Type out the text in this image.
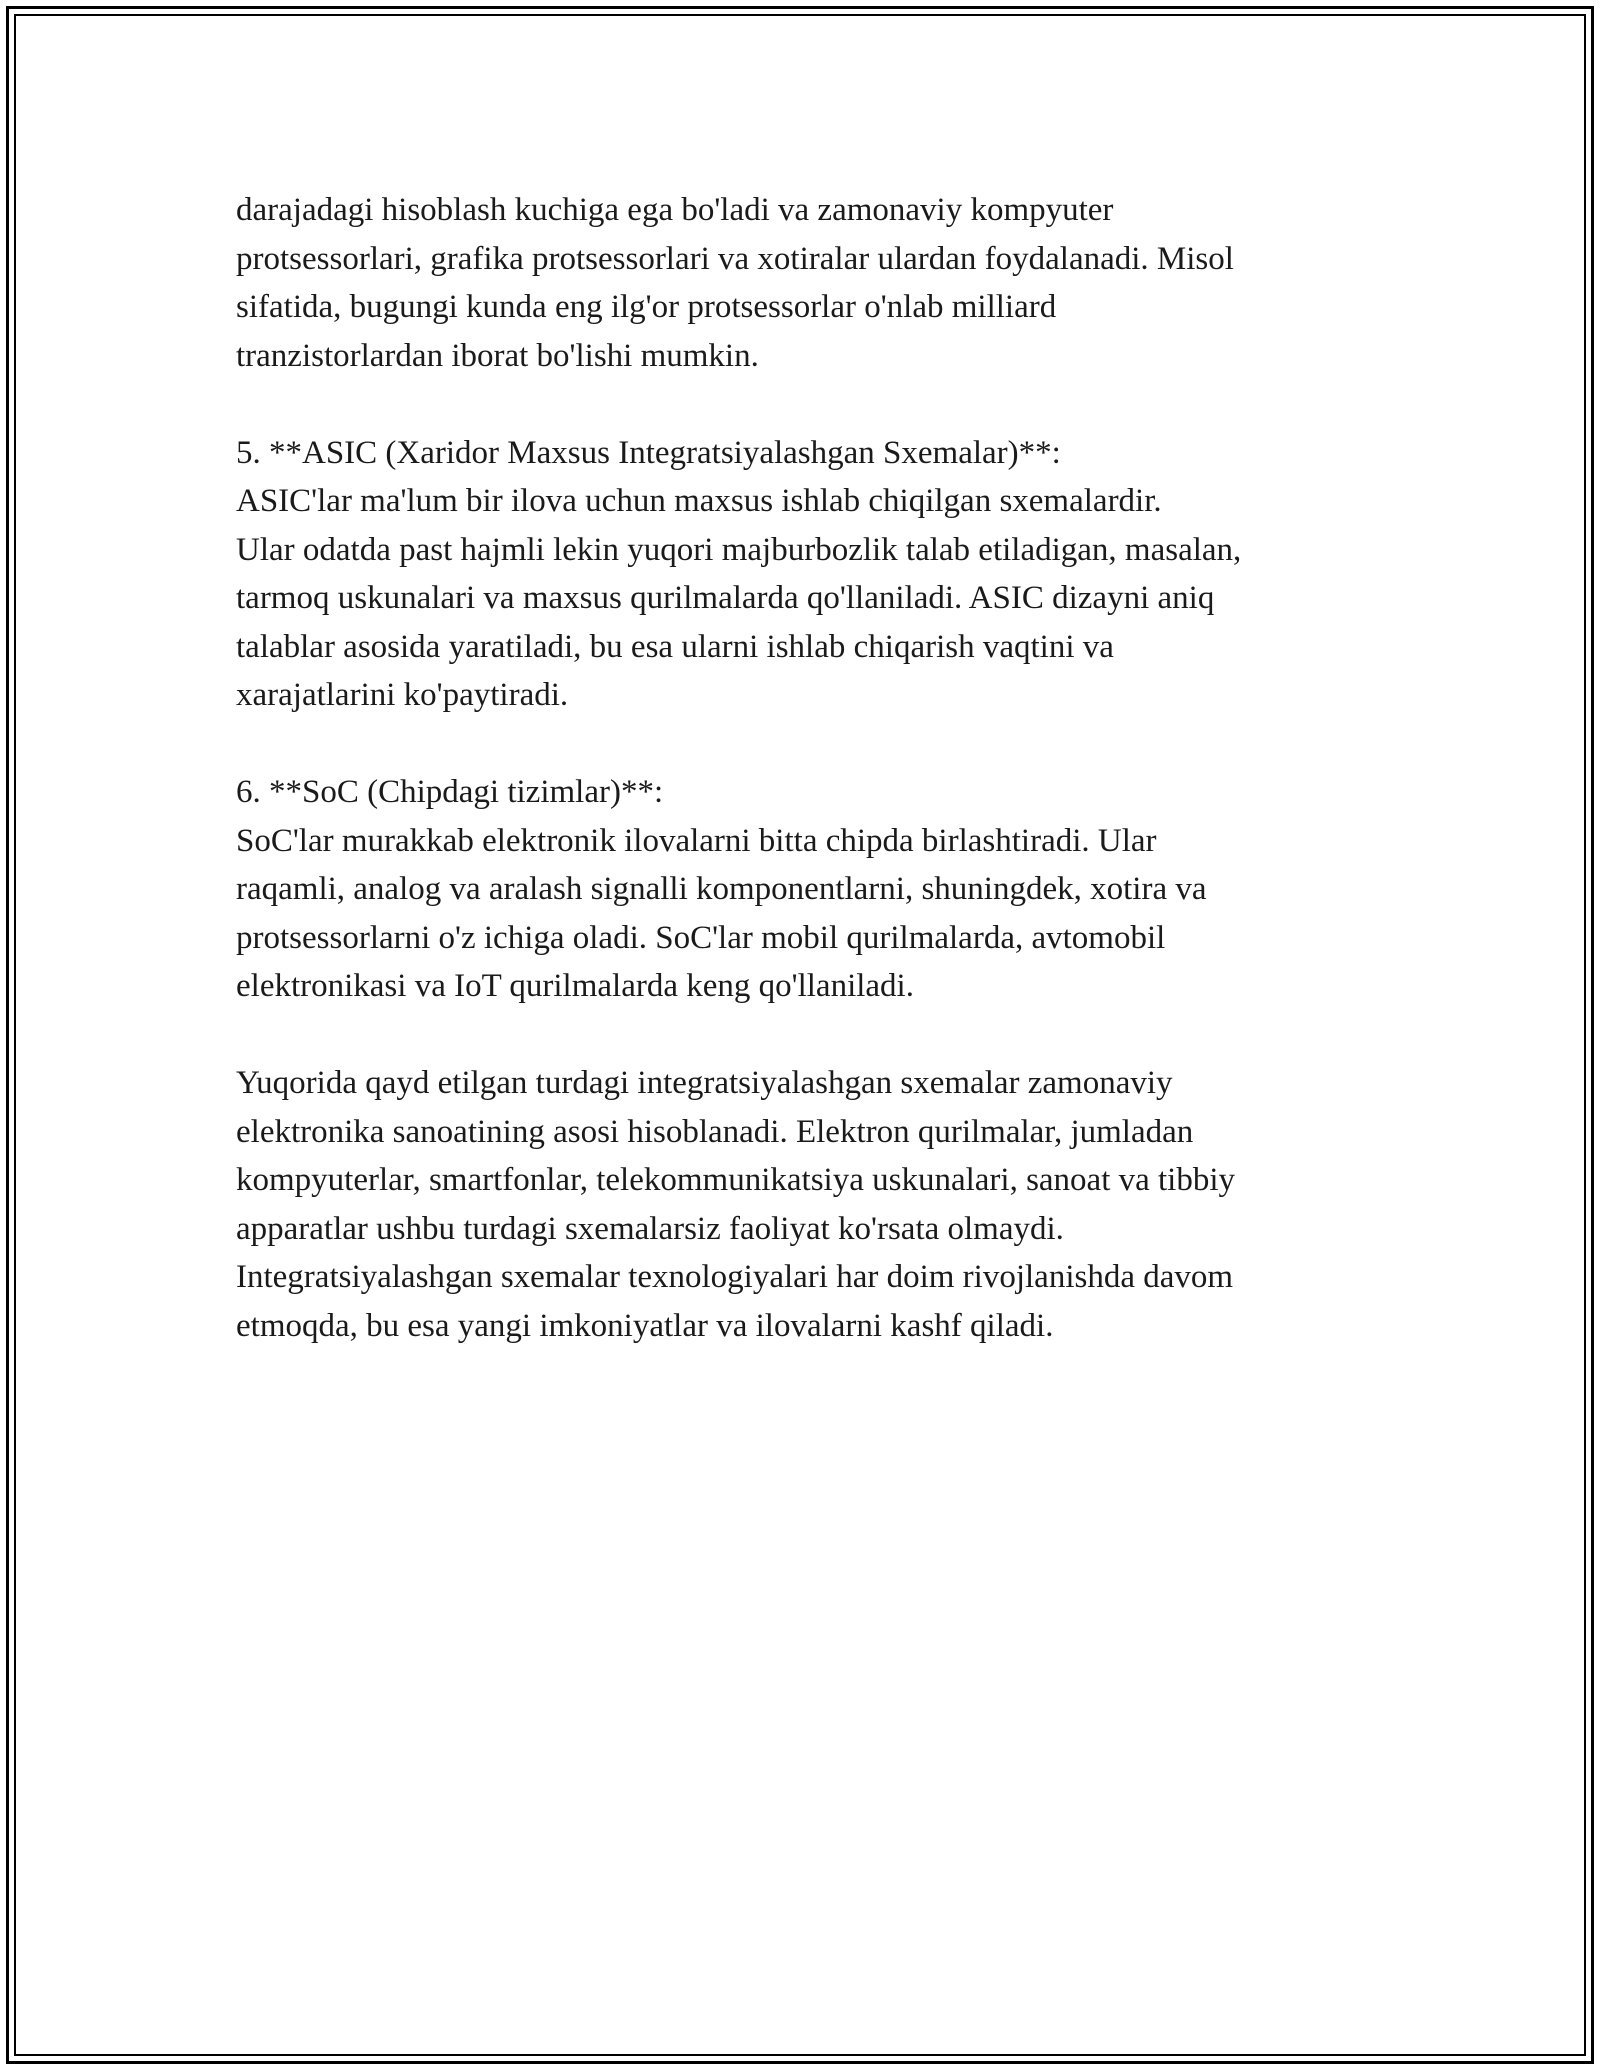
darajadagi hisoblash kuchiga ega bo'ladi va zamonaviy kompyuter
protsessorlari, grafika protsessorlari va xotiralar ulardan foydalanadi. Misol
sifatida, bugungi kunda eng ilg'or protsessorlar o'nlab milliard
tranzistorlardan iborat bo'lishi mumkin.

5. **ASIC (Xaridor Maxsus Integratsiyalashgan Sxemalar)**:
ASIC'lar ma'lum bir ilova uchun maxsus ishlab chiqilgan sxemalardir.
Ular odatda past hajmli lekin yuqori majburbozlik talab etiladigan, masalan,
tarmoq uskunalari va maxsus qurilmalarda qo'llaniladi. ASIC dizayni aniq
talablar asosida yaratiladi, bu esa ularni ishlab chiqarish vaqtini va
xarajatlarini ko'paytiradi.

6. **SoC (Chipdagi tizimlar)**:
SoC'lar murakkab elektronik ilovalarni bitta chipda birlashtiradi. Ular
raqamli, analog va aralash signalli komponentlarni, shuningdek, xotira va
protsessorlarni o'z ichiga oladi. SoC'lar mobil qurilmalarda, avtomobil
elektronikasi va IoT qurilmalarda keng qo'llaniladi.

Yuqorida qayd etilgan turdagi integratsiyalashgan sxemalar zamonaviy
elektronika sanoatining asosi hisoblanadi. Elektron qurilmalar, jumladan
kompyuterlar, smartfonlar, telekommunikatsiya uskunalari, sanoat va tibbiy
apparatlar ushbu turdagi sxemalarsiz faoliyat ko'rsata olmaydi.
Integratsiyalashgan sxemalar texnologiyalari har doim rivojlanishda davom
etmoqda, bu esa yangi imkoniyatlar va ilovalarni kashf qiladi.
